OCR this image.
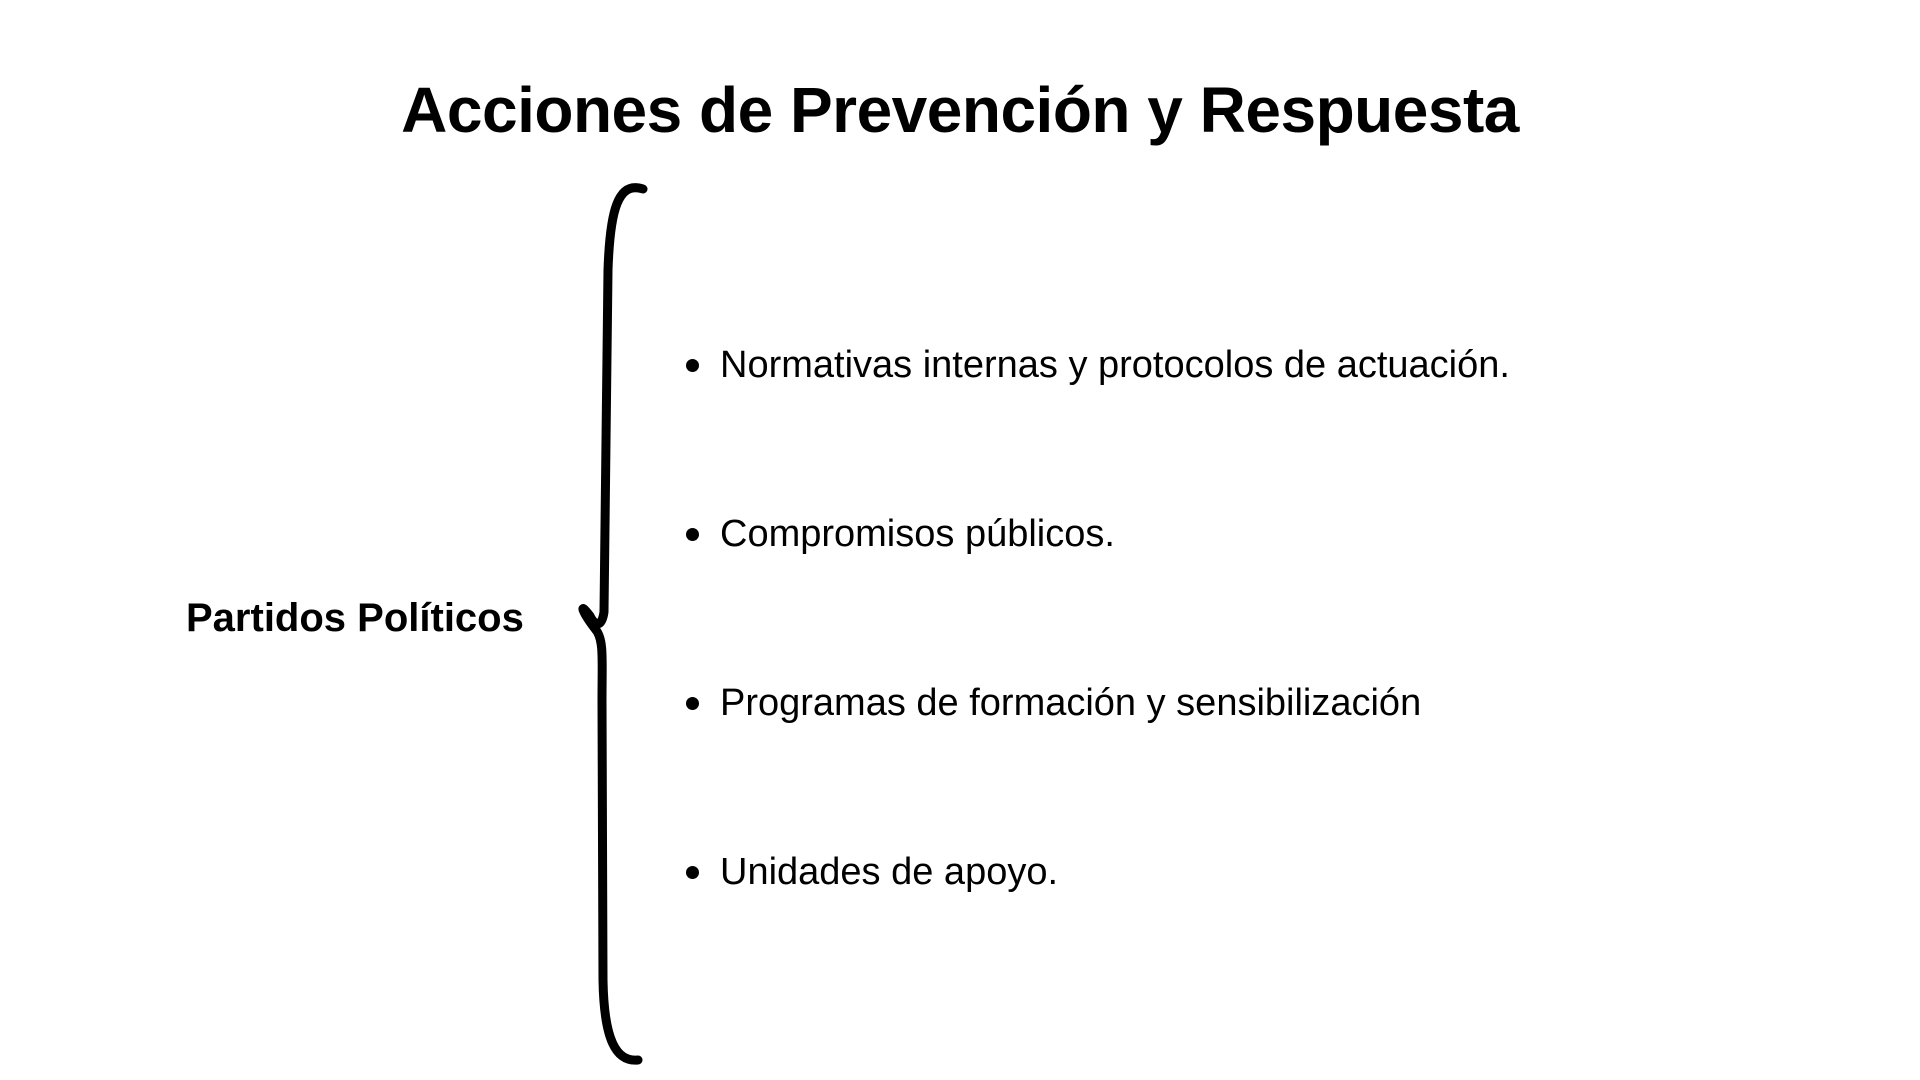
Acciones de Prevención y Respuesta
Partidos Políticos
Normativas internas y protocolos de actuación.
Compromisos públicos.
Programas de formación y sensibilización
Unidades de apoyo.
